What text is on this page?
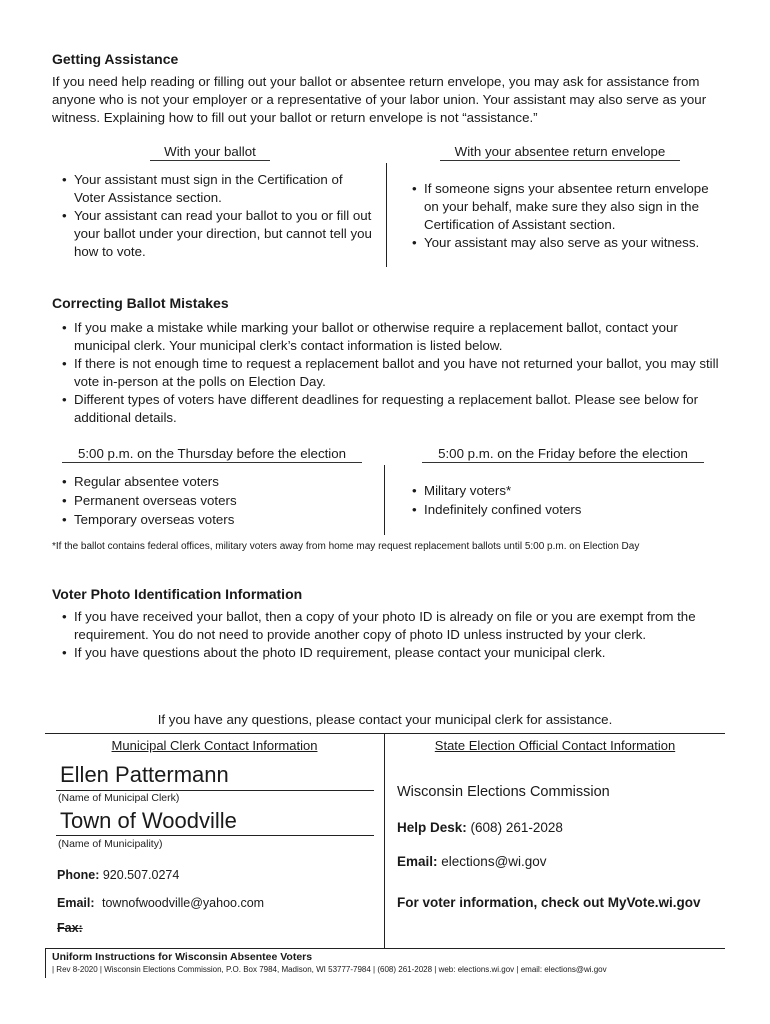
Getting Assistance
If you need help reading or filling out your ballot or absentee return envelope, you may ask for assistance from anyone who is not your employer or a representative of your labor union. Your assistant may also serve as your witness. Explaining how to fill out your ballot or return envelope is not “assistance.”
With your ballot	With your absentee return envelope
• Your assistant must sign in the Certification of Voter Assistance section.
• Your assistant can read your ballot to you or fill out your ballot under your direction, but cannot tell you how to vote.
• If someone signs your absentee return envelope on your behalf, make sure they also sign in the Certification of Assistant section.
• Your assistant may also serve as your witness.
Correcting Ballot Mistakes
• If you make a mistake while marking your ballot or otherwise require a replacement ballot, contact your municipal clerk. Your municipal clerk’s contact information is listed below.
• If there is not enough time to request a replacement ballot and you have not returned your ballot, you may still vote in-person at the polls on Election Day.
• Different types of voters have different deadlines for requesting a replacement ballot. Please see below for additional details.
5:00 p.m. on the Thursday before the election	5:00 p.m. on the Friday before the election
• Regular absentee voters
• Permanent overseas voters
• Temporary overseas voters
• Military voters*
• Indefinitely confined voters
*If the ballot contains federal offices, military voters away from home may request replacement ballots until 5:00 p.m. on Election Day
Voter Photo Identification Information
• If you have received your ballot, then a copy of your photo ID is already on file or you are exempt from the requirement. You do not need to provide another copy of photo ID unless instructed by your clerk.
• If you have questions about the photo ID requirement, please contact your municipal clerk.
If you have any questions, please contact your municipal clerk for assistance.
Municipal Clerk Contact Information	State Election Official Contact Information
Ellen Pattermann
(Name of Municipal Clerk)
Town of Woodville
(Name of Municipality)
Phone: 920.507.0274
Email: townofwoodville@yahoo.com
Fax:
Wisconsin Elections Commission
Help Desk: (608) 261-2028
Email: elections@wi.gov
For voter information, check out MyVote.wi.gov
Uniform Instructions for Wisconsin Absentee Voters
| Rev 8-2020 | Wisconsin Elections Commission, P.O. Box 7984, Madison, WI 53777-7984 | (608) 261-2028 | web: elections.wi.gov | email: elections@wi.gov
